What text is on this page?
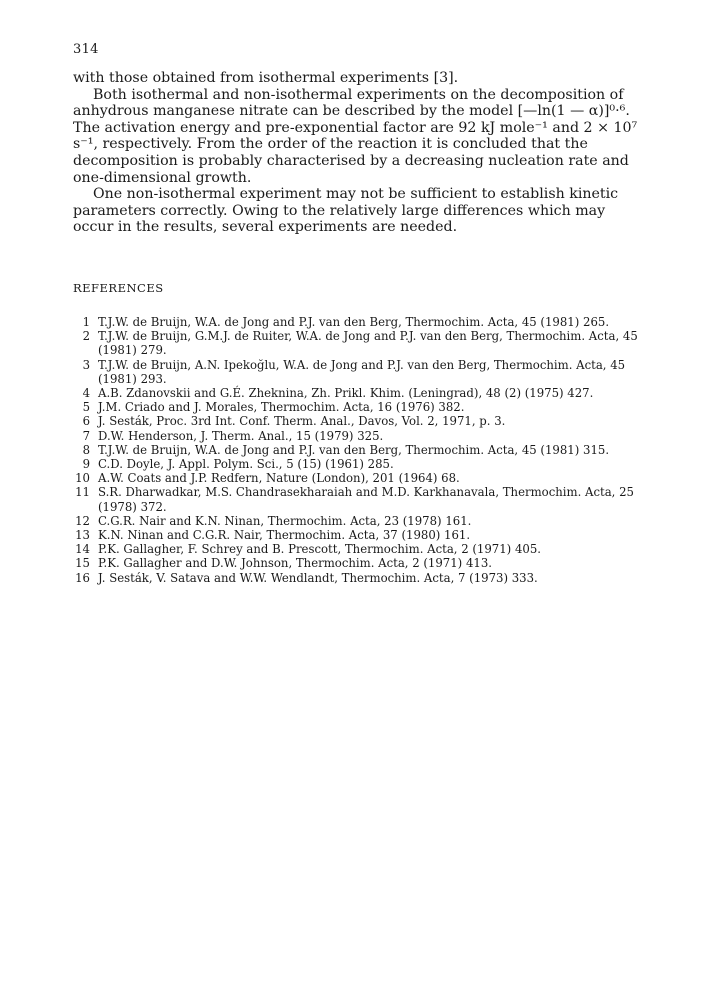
314

with those obtained from isothermal experiments [3].

Both isothermal and non-isothermal experiments on the decomposition of anhydrous manganese nitrate can be described by the model [—ln(1 — α)]⁰·⁶. The activation energy and pre-exponential factor are 92 kJ mole⁻¹ and 2 × 10⁷ s⁻¹, respectively. From the order of the reaction it is concluded that the decomposition is probably characterised by a decreasing nucleation rate and one-dimensional growth.

One non-isothermal experiment may not be sufficient to establish kinetic parameters correctly. Owing to the relatively large differences which may occur in the results, several experiments are needed.

REFERENCES
1 T.J.W. de Bruijn, W.A. de Jong and P.J. van den Berg, Thermochim. Acta, 45 (1981) 265.
2 T.J.W. de Bruijn, G.M.J. de Ruiter, W.A. de Jong and P.J. van den Berg, Thermochim. Acta, 45 (1981) 279.
3 T.J.W. de Bruijn, A.N. Ipekoğlu, W.A. de Jong and P.J. van den Berg, Thermochim. Acta, 45 (1981) 293.
4 A.B. Zdanovskii and G.É. Zheknina, Zh. Prikl. Khim. (Leningrad), 48 (2) (1975) 427.
5 J.M. Criado and J. Morales, Thermochim. Acta, 16 (1976) 382.
6 J. Sesták, Proc. 3rd Int. Conf. Therm. Anal., Davos, Vol. 2, 1971, p. 3.
7 D.W. Henderson, J. Therm. Anal., 15 (1979) 325.
8 T.J.W. de Bruijn, W.A. de Jong and P.J. van den Berg, Thermochim. Acta, 45 (1981) 315.
9 C.D. Doyle, J. Appl. Polym. Sci., 5 (15) (1961) 285.
10 A.W. Coats and J.P. Redfern, Nature (London), 201 (1964) 68.
11 S.R. Dharwadkar, M.S. Chandrasekharaiah and M.D. Karkhanavala, Thermochim. Acta, 25 (1978) 372.
12 C.G.R. Nair and K.N. Ninan, Thermochim. Acta, 23 (1978) 161.
13 K.N. Ninan and C.G.R. Nair, Thermochim. Acta, 37 (1980) 161.
14 P.K. Gallagher, F. Schrey and B. Prescott, Thermochim. Acta, 2 (1971) 405.
15 P.K. Gallagher and D.W. Johnson, Thermochim. Acta, 2 (1971) 413.
16 J. Sesták, V. Satava and W.W. Wendlandt, Thermochim. Acta, 7 (1973) 333.
